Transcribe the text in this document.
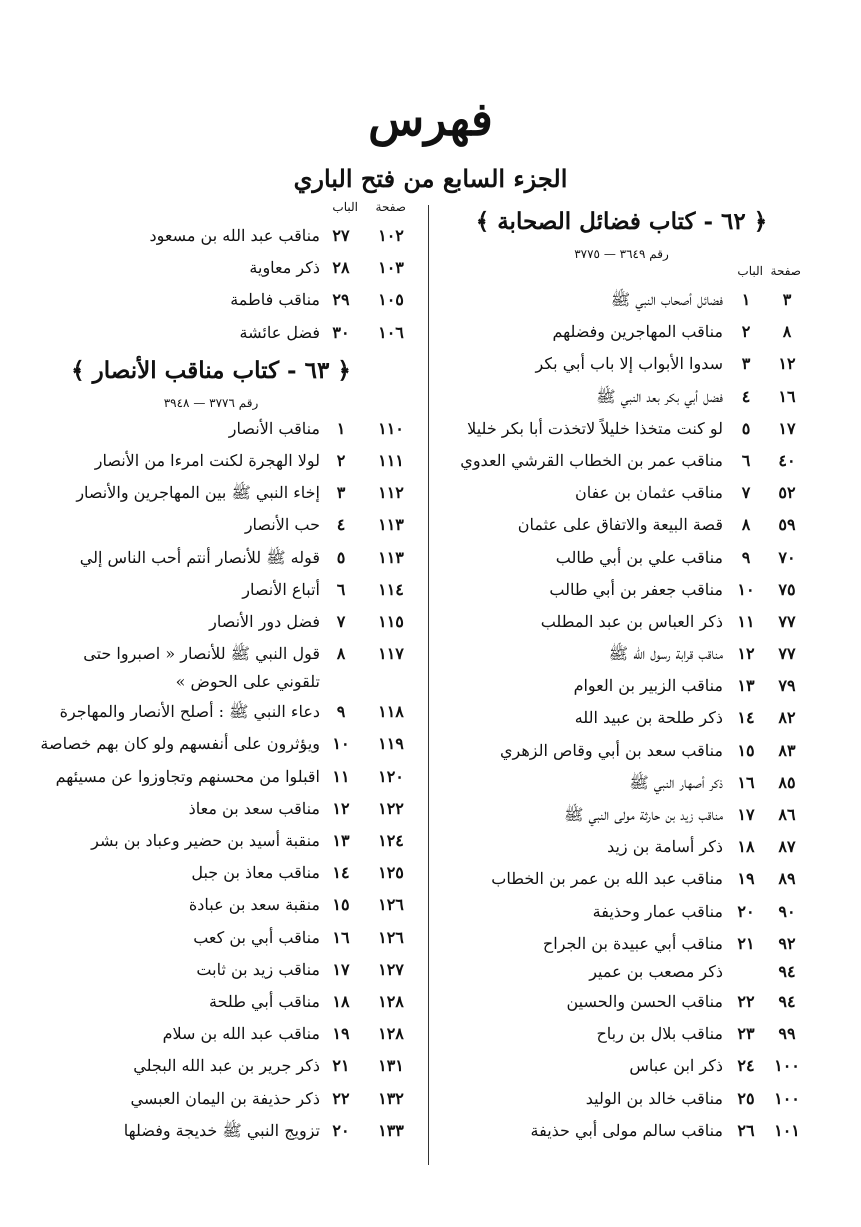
فهرس
الجزء السابع من فتح الباري
﴿ ٦٢ - كتاب فضائل الصحابة ﴾
رقم ٣٦٤٩ — ٣٧٧٥
صفحة
الباب
٣
١
فضائل أصحاب النبي ﷺ
٨
٢
مناقب المهاجرين وفضلهم
١٢
٣
سدوا الأبواب إلا باب أبي بكر
١٦
٤
فضل أبي بكر بعد النبي ﷺ
١٧
٥
لو كنت متخذا خليلاً لاتخذت أبا بكر خليلا
٤٠
٦
مناقب عمر بن الخطاب القرشي العدوي
٥٢
٧
مناقب عثمان بن عفان
٥٩
٨
قصة البيعة والاتفاق على عثمان
٧٠
٩
مناقب علي بن أبي طالب
٧٥
١٠
مناقب جعفر بن أبي طالب
٧٧
١١
ذكر العباس بن عبد المطلب
٧٧
١٢
مناقب قرابة رسول الله ﷺ
٧٩
١٣
مناقب الزبير بن العوام
٨٢
١٤
ذكر طلحة بن عبيد الله
٨٣
١٥
مناقب سعد بن أبي وقاص الزهري
٨٥
١٦
ذكر أصهار النبي ﷺ
٨٦
١٧
مناقب زيد بن حارثة مولى النبي ﷺ
٨٧
١٨
ذكر أسامة بن زيد
٨٩
١٩
مناقب عبد الله بن عمر بن الخطاب
٩٠
٢٠
مناقب عمار وحذيفة
٩٢
٢١
مناقب أبي عبيدة بن الجراح
٩٤
ذكر مصعب بن عمير
٩٤
٢٢
مناقب الحسن والحسين
٩٩
٢٣
مناقب بلال بن رباح
١٠٠
٢٤
ذكر ابن عباس
١٠٠
٢٥
مناقب خالد بن الوليد
١٠١
٢٦
مناقب سالم مولى أبي حذيفة
صفحة
الباب
١٠٢
٢٧
مناقب عبد الله بن مسعود
١٠٣
٢٨
ذكر معاوية
١٠٥
٢٩
مناقب فاطمة
١٠٦
٣٠
فضل عائشة
﴿ ٦٣ - كتاب مناقب الأنصار ﴾
رقم ٣٧٧٦ — ٣٩٤٨
١١٠
١
مناقب الأنصار
١١١
٢
لولا الهجرة لكنت امرءا من الأنصار
١١٢
٣
إخاء النبي ﷺ بين المهاجرين والأنصار
١١٣
٤
حب الأنصار
١١٣
٥
قوله ﷺ للأنصار أنتم أحب الناس إلي
١١٤
٦
أتباع الأنصار
١١٥
٧
فضل دور الأنصار
١١٧
٨
قول النبي ﷺ للأنصار « اصبروا حتى
تلقوني على الحوض »
١١٨
٩
دعاء النبي ﷺ : أصلح الأنصار والمهاجرة
١١٩
١٠
ويؤثرون على أنفسهم ولو كان بهم خصاصة
١٢٠
١١
اقبلوا من محسنهم وتجاوزوا عن مسيئهم
١٢٢
١٢
مناقب سعد بن معاذ
١٢٤
١٣
منقبة أسيد بن حضير وعباد بن بشر
١٢٥
١٤
مناقب معاذ بن جبل
١٢٦
١٥
منقبة سعد بن عبادة
١٢٦
١٦
مناقب أبي بن كعب
١٢٧
١٧
مناقب زيد بن ثابت
١٢٨
١٨
مناقب أبي طلحة
١٢٨
١٩
مناقب عبد الله بن سلام
١٣١
٢١
ذكر جرير بن عبد الله البجلي
١٣٢
٢٢
ذكر حذيفة بن اليمان العبسي
١٣٣
٢٠
تزويج النبي ﷺ خديجة وفضلها
